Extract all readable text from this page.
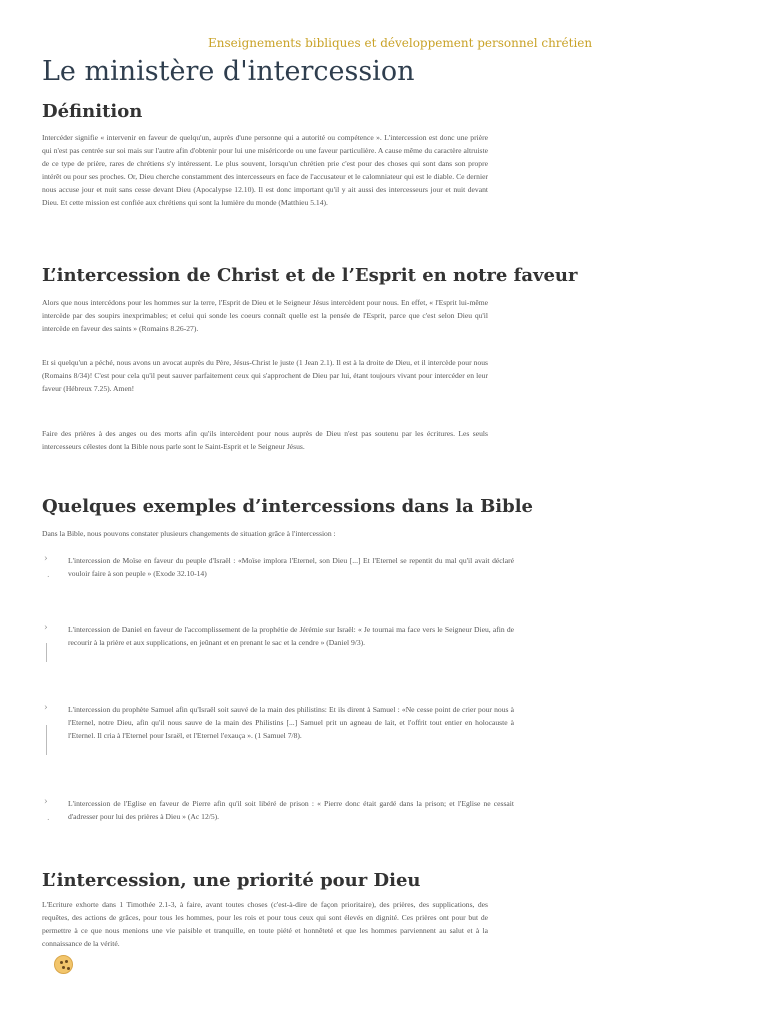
Enseignements bibliques et développement personnel chrétien
Le ministère d'intercession
Définition

Intercéder signifie « intervenir en faveur de quelqu'un, auprès d'une personne qui a autorité ou compétence ». L'intercession est donc une prière qui n'est pas centrée sur soi mais sur l'autre afin d'obtenir pour lui une miséricorde ou une faveur particulière. A cause même du caractère altruiste de ce type de prière, rares de chrétiens s'y intéressent. Le plus souvent, lorsqu'un chrétien prie c'est pour des choses qui sont dans son propre intérêt ou pour ses proches. Or, Dieu cherche constamment des intercesseurs en face de l'accusateur et le calomniateur qui est le diable. Ce dernier nous accuse jour et nuit sans cesse devant Dieu (Apocalypse 12.10). Il est donc important qu'il y ait aussi des intercesseurs jour et nuit devant Dieu. Et cette mission est confiée aux chrétiens qui sont la lumière du monde (Matthieu 5.14).

L’intercession de Christ et de l’Esprit en notre faveur

Alors que nous intercédons pour les hommes sur la terre, l'Esprit de Dieu et le Seigneur Jésus intercèdent pour nous. En effet, « l'Esprit lui-même intercède par des soupirs inexprimables; et celui qui sonde les coeurs connaît quelle est la pensée de l'Esprit, parce que c'est selon Dieu qu'il intercède en faveur des saints » (Romains 8.26-27).

Et si quelqu'un a péché, nous avons un avocat auprès du Père, Jésus-Christ le juste (1 Jean 2.1). Il est à la droite de Dieu, et il intercède pour nous (Romains 8/34)! C'est pour cela qu'il peut sauver parfaitement ceux qui s'approchent de Dieu par lui, étant toujours vivant pour intercéder en leur faveur (Hébreux 7.25). Amen!

Faire des prières à des anges ou des morts afin qu'ils intercèdent pour nous auprès de Dieu n'est pas soutenu par les écritures. Les seuls intercesseurs célestes dont la Bible nous parle sont le Saint-Esprit et le Seigneur Jésus.

Quelques exemples d’intercessions dans la Bible

Dans la Bible, nous pouvons constater plusieurs changements de situation grâce à l'intercession :

›
.

L'intercession de Moïse en faveur du peuple d'Israël : «Moïse implora l'Eternel, son Dieu [...] Et l'Eternel se repentit du mal qu'il avait déclaré vouloir faire à son peuple » (Exode 32.10-14)

›	L'intercession de Daniel en faveur de l'accomplissement de la prophétie de Jérémie sur Israël: « Je tournai ma face vers le Seigneur Dieu, afin de recourir à la prière et aux supplications, en jeûnant et en prenant le sac et la cendre » (Daniel 9/3).

›	L'intercession du prophète Samuel afin qu'Israël soit sauvé de la main des philistins: Et ils dirent à Samuel : «Ne cesse point de crier pour nous à l'Eternel, notre Dieu, afin qu'il nous sauve de la main des Philistins [...] Samuel prit un agneau de lait, et l'offrit tout entier en holocauste à l'Eternel. Il cria à l'Eternel pour Israël, et l'Eternel l'exauça ». (1 Samuel 7/8).

›
.

L'intercession de l'Eglise en faveur de Pierre afin qu'il soit libéré de prison : « Pierre donc était gardé dans la prison; et l'Eglise ne cessait d'adresser pour lui des prières à Dieu » (Ac 12/5).

L’intercession, une priorité pour Dieu

L'Ecriture exhorte dans 1 Timothée 2.1-3, à faire, avant toutes choses (c'est-à-dire de façon prioritaire), des prières, des supplications, des requêtes, des actions de grâces, pour tous les hommes, pour les rois et pour tous ceux qui sont élevés en dignité. Ces prières ont pour but de permettre à ce que nous menions une vie paisible et tranquille, en toute piété et honnêteté et que les hommes parviennent au salut et à la connaissance de la vérité.
